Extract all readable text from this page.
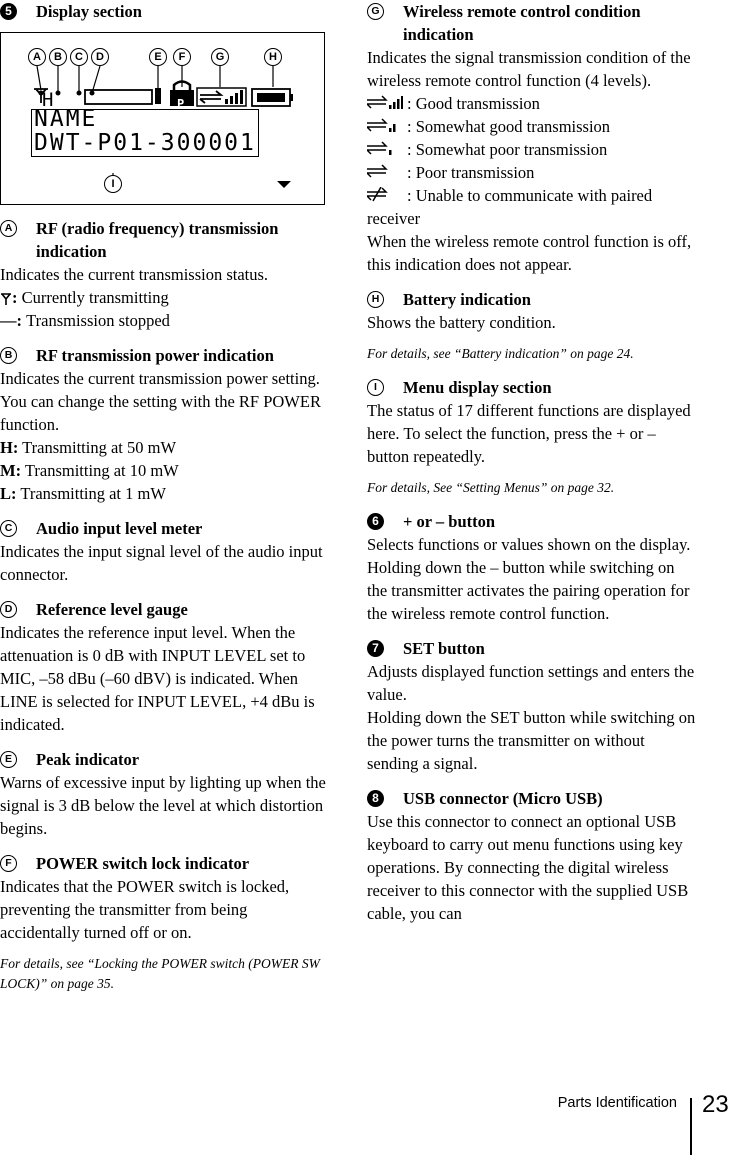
5	Display section
A	B	C	D	E	F	G	H
I
H	P
NAME
DWT-P01-300001
A RF (radio frequency) transmission indication
Indicates the current transmission status.
: Currently transmitting
—: Transmission stopped
B RF transmission power indication
Indicates the current transmission power setting. You can change the setting with the RF POWER function.
H: Transmitting at 50 mW
M: Transmitting at 10 mW
L: Transmitting at 1 mW
C Audio input level meter
Indicates the input signal level of the audio input connector.
D Reference level gauge
Indicates the reference input level. When the attenuation is 0 dB with INPUT LEVEL set to MIC, –58 dBu (–60 dBV) is indicated. When LINE is selected for INPUT LEVEL, +4 dBu is indicated.
E	Peak indicator
Warns of excessive input by lighting up when the signal is 3 dB below the level at which distortion begins.
F	POWER switch lock indicator
Indicates that the POWER switch is locked, preventing the transmitter from being accidentally turned off or on.
For details, see “Locking the POWER switch (POWER SW LOCK)” on page 35.
G Wireless remote control condition indication
Indicates the signal transmission condition of the wireless remote control function (4 levels).
: Good transmission
: Somewhat good transmission
: Somewhat poor transmission
: Poor transmission
: Unable to communicate with paired
receiver
When the wireless remote control function is off, this indication does not appear.
H Battery indication
Shows the battery condition.
For details, see “Battery indication” on page 24.
I	Menu display section
The status of 17 different functions are displayed here. To select the function, press the + or – button repeatedly.
For details, See “Setting Menus” on page 32.
6	+ or – button
Selects functions or values shown on the display.
Holding down the – button while switching on the transmitter activates the pairing operation for the wireless remote control function.
7	SET button
Adjusts displayed function settings and enters the value.
Holding down the SET button while switching on the power turns the transmitter on without sending a signal.
8	USB connector (Micro USB)
Use this connector to connect an optional USB keyboard to carry out menu functions using key operations. By connecting the digital wireless receiver to this connector with the supplied USB cable, you can
Parts Identification 23
